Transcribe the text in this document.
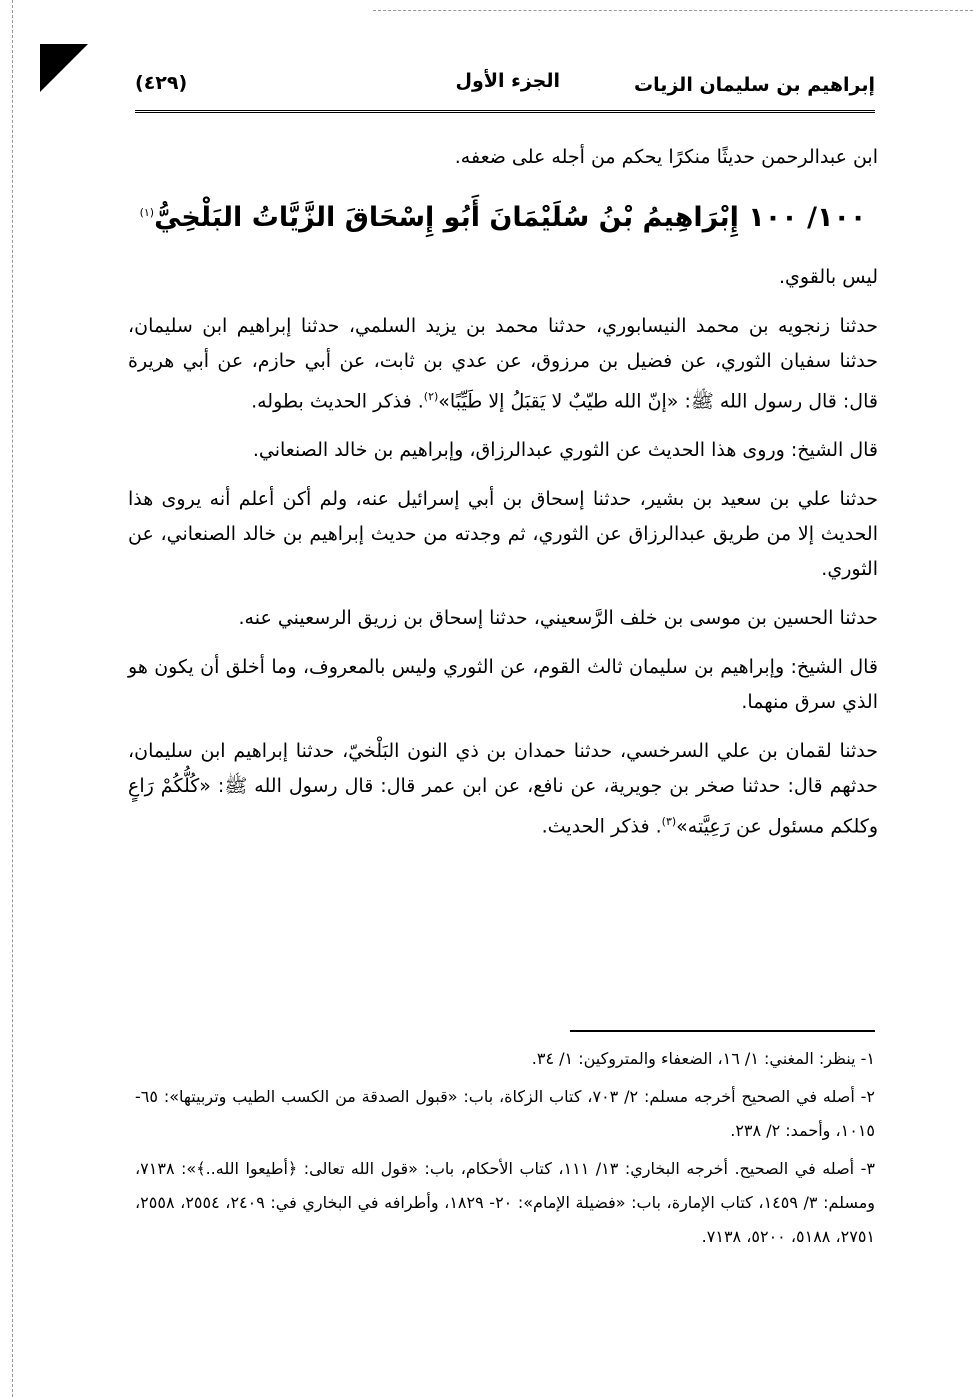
إبراهيم بن سليمان الزيات
الجزء الأول
(٤٢٩)

ابن عبدالرحمن حديثًا منكرًا يحكم من أجله على ضعفه.

١٠٠/ ١٠٠ إِبْرَاهِيمُ بْنُ سُلَيْمَانَ أَبُو إِسْحَاقَ الزَّيَّاتُ البَلْخِيُّ$^{(١)}$

ليس بالقوي.

حدثنا زنجويه بن محمد النيسابوري، حدثنا محمد بن يزيد السلمي، حدثنا إبراهيم ابن سليمان، حدثنا سفيان الثوري، عن فضيل بن مرزوق، عن عدي بن ثابت، عن أبي حازم، عن أبي هريرة قال: قال رسول الله ﷺ: «إنّ الله طيّبٌ لا يَقبَلُ إلا طَيِّبًا»$^{(٢)}$. فذكر الحديث بطوله.

قال الشيخ: وروى هذا الحديث عن الثوري عبدالرزاق، وإبراهيم بن خالد الصنعاني.

حدثنا علي بن سعيد بن بشير، حدثنا إسحاق بن أبي إسرائيل عنه، ولم أكن أعلم أنه يروى هذا الحديث إلا من طريق عبدالرزاق عن الثوري، ثم وجدته من حديث إبراهيم بن خالد الصنعاني، عن الثوري.

حدثنا الحسين بن موسى بن خلف الرَّسعيني، حدثنا إسحاق بن زريق الرسعيني عنه.

قال الشيخ: وإبراهيم بن سليمان ثالث القوم، عن الثوري وليس بالمعروف، وما أخلق أن يكون هو الذي سرق منهما.

حدثنا لقمان بن علي السرخسي، حدثنا حمدان بن ذي النون البَلْخيّ، حدثنا إبراهيم ابن سليمان، حدثهم قال: حدثنا صخر بن جويرية، عن نافع، عن ابن عمر قال: قال رسول الله ﷺ: «كُلُّكُمْ رَاعٍ وكلكم مسئول عن رَعِيَّته»$^{(٣)}$. فذكر الحديث.

١- ينظر: المغني: ١/ ١٦، الضعفاء والمتروكين: ١/ ٣٤.
٢- أصله في الصحيح أخرجه مسلم: ٢/ ٧٠٣، كتاب الزكاة، باب: «قبول الصدقة من الكسب الطيب وتربيتها»: ٦٥- ١٠١٥، وأحمد: ٢/ ٢٣٨.
٣- أصله في الصحيح. أخرجه البخاري: ١٣/ ١١١، كتاب الأحكام، باب: «قول الله تعالى: ﴿أطيعوا الله..﴾»: ٧١٣٨، ومسلم: ٣/ ١٤٥٩، كتاب الإمارة، باب: «فضيلة الإمام»: ٢٠- ١٨٢٩، وأطرافه في البخاري في: ٢٤٠٩، ٢٥٥٤، ٢٥٥٨، ٢٧٥١، ٥١٨٨، ٥٢٠٠، ٧١٣٨.
